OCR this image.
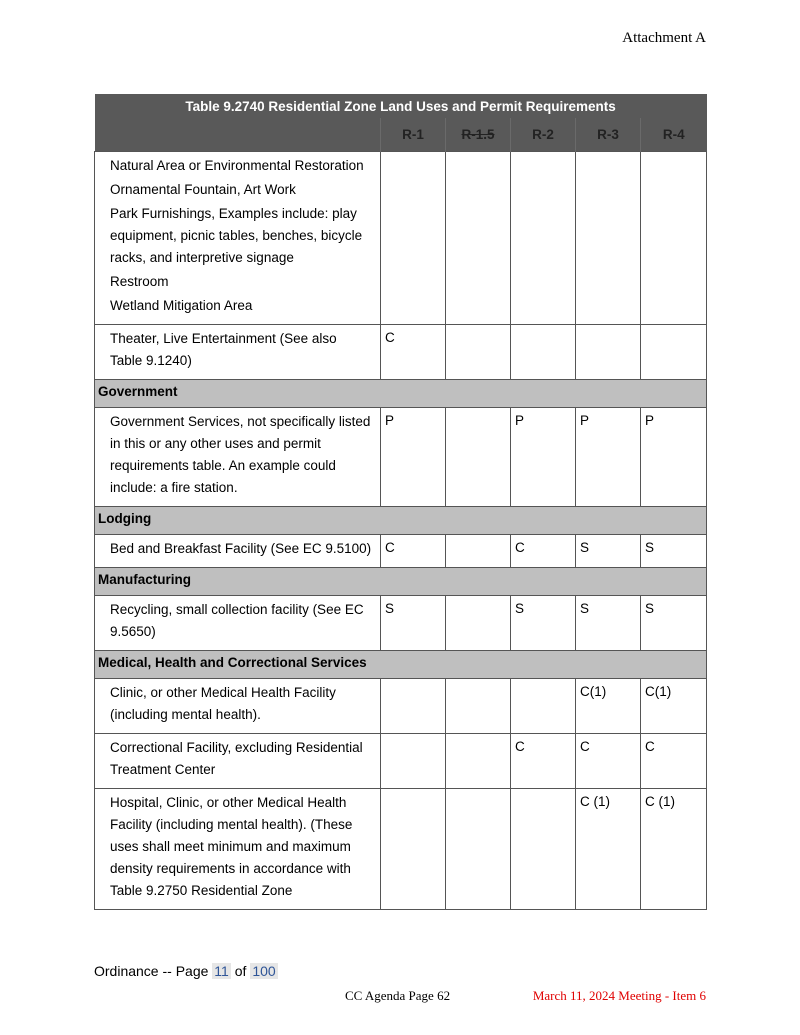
Attachment A
Table 9.2740 Residential Zone Land Uses and Permit Requirements					
	R-1	R-1.5	R-2	R-3	R-4

Natural Area or Environmental Restoration

Ornamental Fountain, Art Work

Park Furnishings, Examples include: play equipment, picnic tables, benches, bicycle racks, and interpretive signage

Restroom

Wetland Mitigation Area					

Theater, Live Entertainment (See also Table 9.1240)	C				
Government					

Government Services, not specifically listed in this or any other uses and permit requirements table. An example could include: a fire station.	P		P	P	P
Lodging					

Bed and Breakfast Facility (See EC 9.5100)	C		C	S	S
Manufacturing					

Recycling, small collection facility (See EC 9.5650)	S		S	S	S
Medical, Health and Correctional Services					

Clinic, or other Medical Health Facility (including mental health).				C(1)	C(1)

Correctional Facility, excluding Residential Treatment Center			C	C	C

Hospital, Clinic, or other Medical Health Facility (including mental health). (These uses shall meet minimum and maximum density requirements in accordance with Table 9.2750 Residential Zone				C (1)	C (1)
Ordinance -- Page 11 of 100
CC Agenda Page 62	March 11, 2024 Meeting - Item 6
